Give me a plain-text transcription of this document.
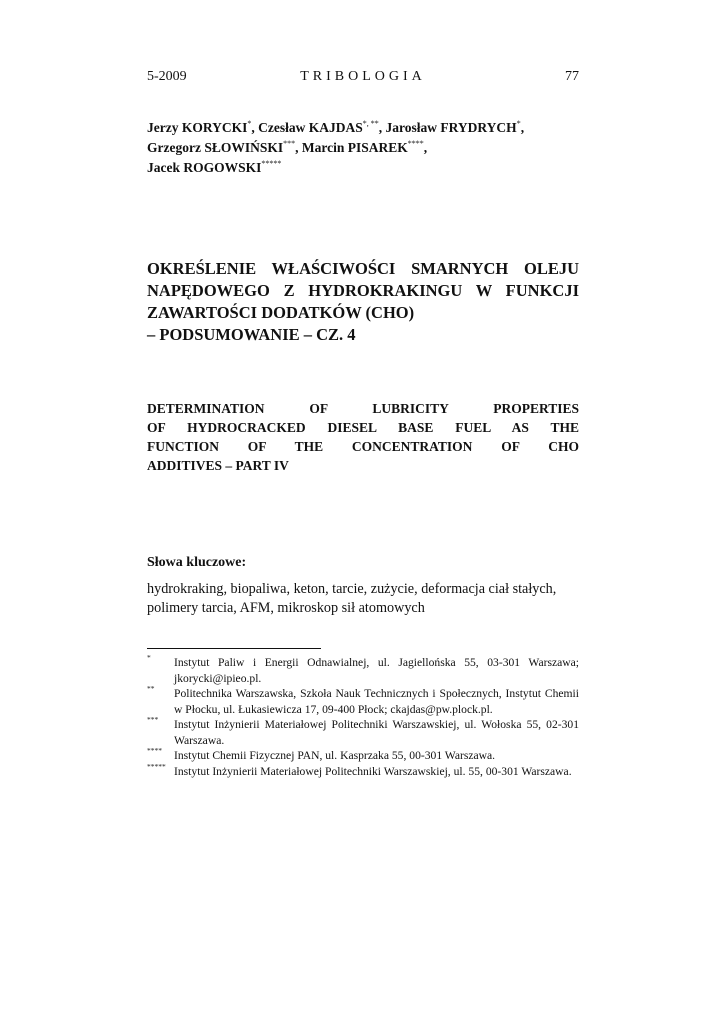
5-2009	TRIBOLOGIA	77
Jerzy KORYCKI*, Czesław KAJDAS*, **, Jarosław FRYDRYCH*,
Grzegorz SŁOWIŃSKI***, Marcin PISAREK****,
Jacek ROGOWSKI*****
OKREŚLENIE WŁAŚCIWOŚCI SMARNYCH OLEJU
NAPĘDOWEGO Z HYDROKRAKINGU W FUNKCJI
ZAWARTOŚCI DODATKÓW (CHO)
– PODSUMOWANIE – CZ. 4
DETERMINATION OF LUBRICITY PROPERTIES
OF HYDROCRACKED DIESEL BASE FUEL AS THE
FUNCTION OF THE CONCENTRATION OF CHO
ADDITIVES – PART IV
Słowa kluczowe:
hydrokraking, biopaliwa, keton, tarcie, zużycie, deformacja ciał stałych, polimery tarcia, AFM, mikroskop sił atomowych
* Instytut Paliw i Energii Odnawialnej, ul. Jagiellońska 55, 03-301 Warszawa; jkorycki@ipieo.pl.
** Politechnika Warszawska, Szkoła Nauk Technicznych i Społecznych, Instytut Chemii w Płocku, ul. Łukasiewicza 17, 09-400 Płock; ckajdas@pw.plock.pl.
*** Instytut Inżynierii Materiałowej Politechniki Warszawskiej, ul. Wołoska 55, 02-301 Warszawa.
**** Instytut Chemii Fizycznej PAN, ul. Kasprzaka 55, 00-301 Warszawa.
***** Instytut Inżynierii Materiałowej Politechniki Warszawskiej, ul. 55, 00-301 Warszawa.
